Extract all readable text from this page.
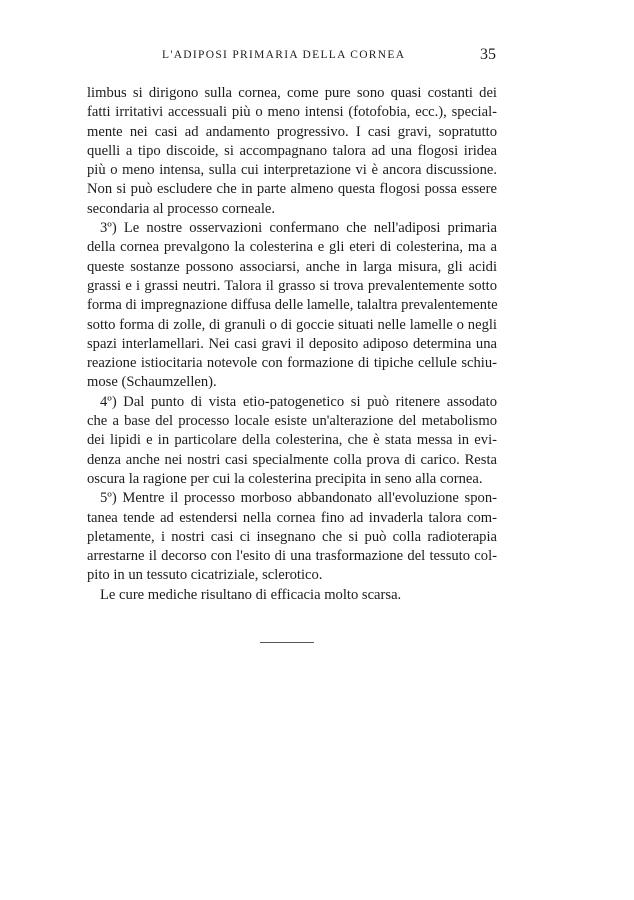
L'ADIPOSI PRIMARIA DELLA CORNEA	35
limbus si dirigono sulla cornea, come pure sono quasi costanti dei
fatti irritativi accessuali più o meno intensi (fotofobia, ecc.), special-
mente nei casi ad andamento progressivo. I casi gravi, sopratutto
quelli a tipo discoide, si accompagnano talora ad una flogosi iridea
più o meno intensa, sulla cui interpretazione vi è ancora discussione.
Non si può escludere che in parte almeno questa flogosi possa essere
secondaria al processo corneale.
3º) Le nostre osservazioni confermano che nell'adiposi primaria
della cornea prevalgono la colesterina e gli eteri di colesterina, ma a
queste sostanze possono associarsi, anche in larga misura, gli acidi
grassi e i grassi neutri. Talora il grasso si trova prevalentemente sotto
forma di impregnazione diffusa delle lamelle, talaltra prevalentemente
sotto forma di zolle, di granuli o di goccie situati nelle lamelle o negli
spazi interlamellari. Nei casi gravi il deposito adiposo determina una
reazione istiocitaria notevole con formazione di tipiche cellule schiu-
mose (Schaumzellen).
4º) Dal punto di vista etio-patogenetico si può ritenere assodato
che a base del processo locale esiste un'alterazione del metabolismo
dei lipidi e in particolare della colesterina, che è stata messa in evi-
denza anche nei nostri casi specialmente colla prova di carico. Resta
oscura la ragione per cui la colesterina precipita in seno alla cornea.
5º) Mentre il processo morboso abbandonato all'evoluzione spon-
tanea tende ad estendersi nella cornea fino ad invaderla talora com-
pletamente, i nostri casi ci insegnano che si può colla radioterapia
arrestarne il decorso con l'esito di una trasformazione del tessuto col-
pito in un tessuto cicatriziale, sclerotico.
Le cure mediche risultano di efficacia molto scarsa.
